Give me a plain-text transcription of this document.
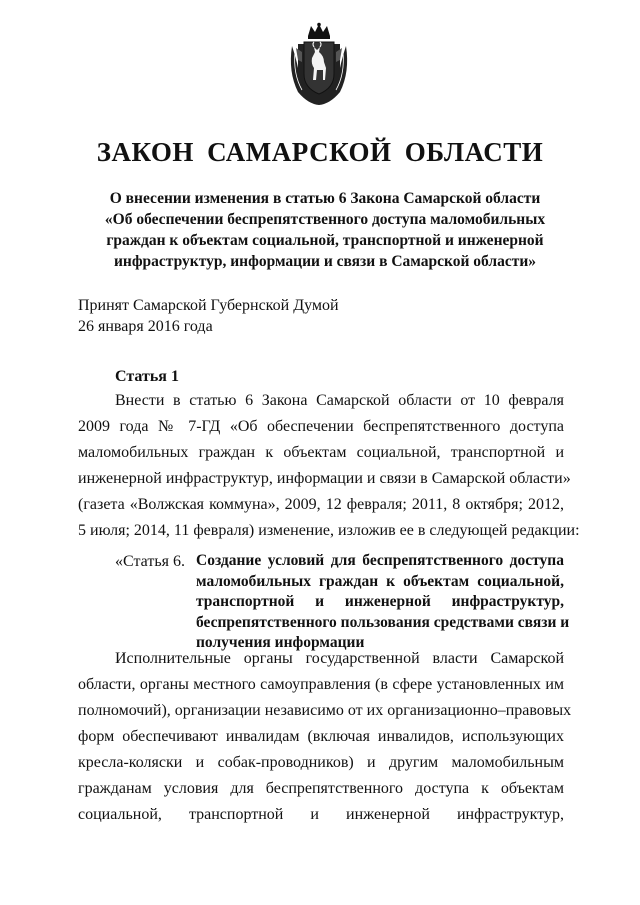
ЗАКОН САМАРСКОЙ ОБЛАСТИ
О внесении изменения в статью 6 Закона Самарской области
«Об обеспечении беспрепятственного доступа маломобильных
граждан к объектам социальной, транспортной и инженерной
инфраструктур, информации и связи в Самарской области»
Принят Самарской Губернской Думой
26 января 2016 года
Статья 1
Внести в статью 6 Закона Самарской области от 10 февраля
2009 года № 7-ГД «Об обеспечении беспрепятственного доступа
маломобильных граждан к объектам социальной, транспортной и
инженерной инфраструктур, информации и связи в Самарской области»
(газета «Волжская коммуна», 2009, 12 февраля; 2011, 8 октября; 2012,
5 июля; 2014, 11 февраля) изменение, изложив ее в следующей редакции:
«Статья 6. Создание условий для беспрепятственного доступа
маломобильных граждан к объектам социальной,
транспортной и инженерной инфраструктур,
беспрепятственного пользования средствами связи и
получения информации
Исполнительные органы государственной власти Самарской
области, органы местного самоуправления (в сфере установленных им
полномочий), организации независимо от их организационно–правовых
форм обеспечивают инвалидам (включая инвалидов, использующих
кресла-коляски и собак-проводников) и другим маломобильным
гражданам условия для беспрепятственного доступа к объектам
социальной, транспортной и инженерной инфраструктур,
